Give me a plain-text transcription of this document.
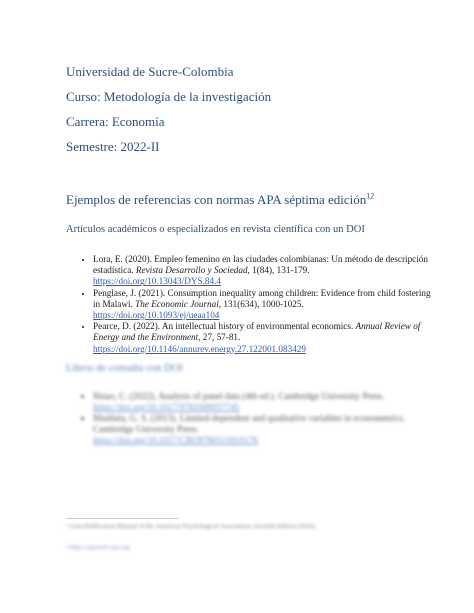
Universidad de Sucre-Colombia
Curso: Metodología de la investigación
Carrera: Economía
Semestre: 2022-II
Ejemplos de referencias con normas APA séptima edición$^{12}$
Artículos académicos o especializados en revista científica con un DOI
• Lora, E. (2020). Empleo femenino en las ciudades colombianas: Un método de descripción estadística. Revista Desarrollo y Sociedad, 1(84), 131-179.
https://doi.org/10.13043/DYS.84.4
• Penglase, J. (2021). Consumption inequality among children: Evidence from child fostering in Malawi. The Economic Journal, 131(634), 1000-1025.
https://doi.org/10.1093/ej/ueaa104
• Pearce, D. (2022). An intellectual history of environmental economics. Annual Review of Energy and the Environment, 27, 57-81.
https://doi.org/10.1146/annurev.energy.27.122001.083429
Libros de consulta con DOI
• Hsiao, C. (2022). Analysis of panel data (4th ed.). Cambridge University Press.
https://doi.org/10.1017/9781009057745
• Maddala, G. S. (2013). Limited-dependent and qualitative variables in econometrics. Cambridge University Press.
https://doi.org/10.1017/CBO9780511810176
¹ Guía (Publication Manual of the American Psychological Association, Seventh Edition (2020).
² https://apastyle.apa.org
